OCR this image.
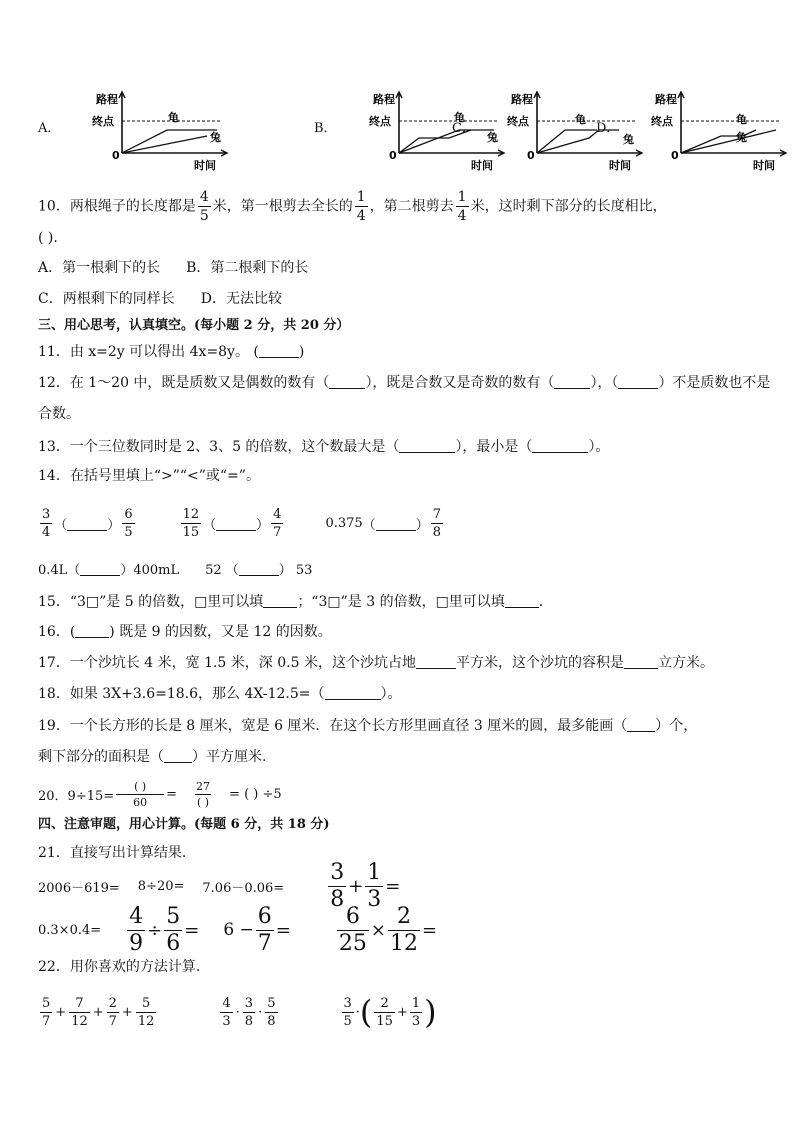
A．
路程
终点
0
时间
龟
兔
B．
路程
终点
0
时间
龟
兔
C．
路程
终点
0
时间
龟
兔
D．
路程
终点
0
时间
龟
兔
10．两根绳子的长度都是 $\frac{4}{5}$ 米，第一根剪去全长的 $\frac{1}{4}$ ，第二根剪去 $\frac{1}{4}$ 米，这时剩下部分的长度相比，
( ).
A．第一根剩下的长 B．第二根剩下的长
C．两根剩下的同样长 D．无法比较
三、用心思考，认真填空。(每小题 2 分，共 20 分）
11．由 x=2y 可以得出 4x=8y。 (	)
12．在 1～20 中，既是质数又是偶数的数有（	），既是合数又是奇数的数有（	），（	）不是质数也不是
合数。
13．一个三位数同时是 2、3、5 的倍数，这个数最大是（	），最小是（	）。
14．在括号里填上“>”“<”或“=”。
$\frac{3}{4}$ （	） $\frac{6}{5}$	$\frac{12}{15}$ （	） $\frac{4}{7}$	0.375 （	） $\frac{7}{8}$
0.4L（	）400mL 52 （	） 53
15．“3□”是 5 的倍数，□里可以填 ；“3□”是 3 的倍数，□里可以填 .
16．( ) 既是 9 的因数，又是 12 的因数。
17．一个沙坑长 4 米，宽 1.5 米，深 0.5 米，这个沙坑占地	平方米，这个沙坑的容积是 立方米。
18．如果 3X+3.6=18.6，那么 4X-12.5=（	）。
19．一个长方形的长是 8 厘米，宽是 6 厘米．在这个长方形里画直径 3 厘米的圆，最多能画（ ）个，
剩下部分的面积是（ ）平方厘米.
20．$9\div 15= \frac{( )}{60} = \frac{27}{( )}$ = ( ) ÷5
四、注意审题，用心计算。(每题 6 分，共 18 分)
21．直接写出计算结果.
$2006-619= 8\div 20= 7.06-0.06= \frac{3}{8} + \frac{1}{3}$ =
$0.3\times 0.4= \frac{4}{9} \div \frac{5}{6} = 6 - \frac{6}{7} = \frac{6}{25} \times \frac{2}{12}$ =
22．用你喜欢的方法计算.
$\frac{5}{7} + \frac{7}{12} + \frac{2}{7} + \frac{5}{12}$	$\frac{4}{3} \cdot \frac{3}{8} \cdot \frac{5}{8}$	$\frac{3}{5}$ · ( $\frac{2}{15} + \frac{1}{3}$ )
